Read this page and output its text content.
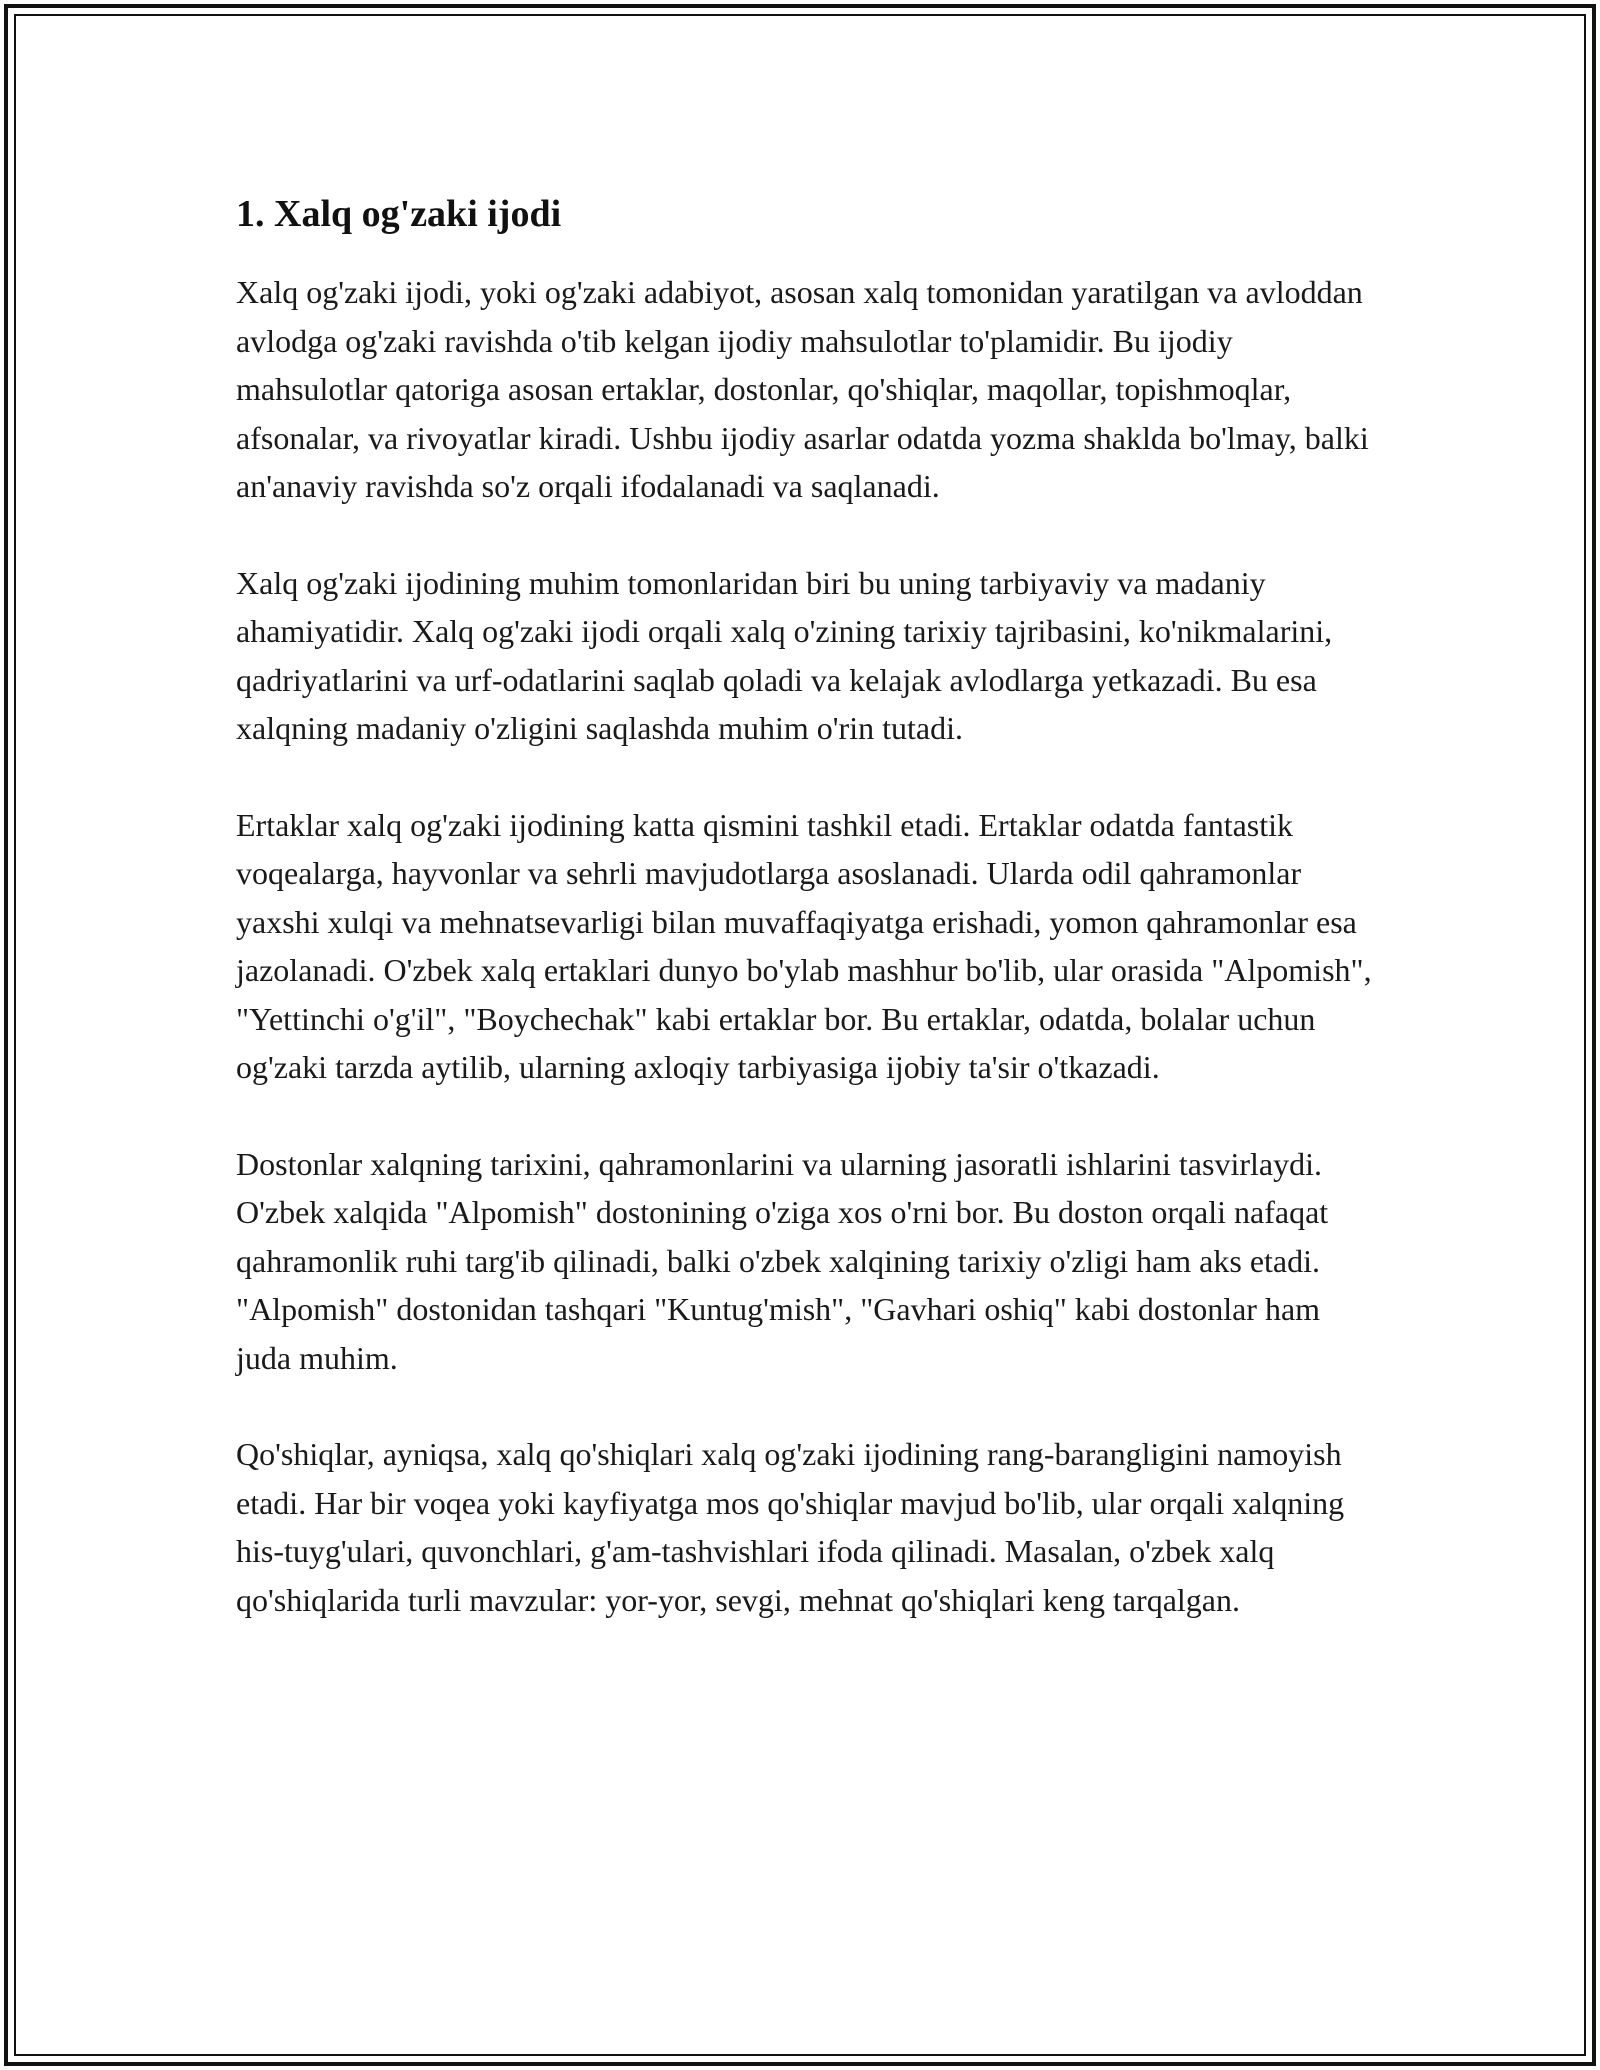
1. Xalq og'zaki ijodi

Xalq og'zaki ijodi, yoki og'zaki adabiyot, asosan xalq tomonidan yaratilgan va avloddan avlodga og'zaki ravishda o'tib kelgan ijodiy mahsulotlar to'plamidir. Bu ijodiy mahsulotlar qatoriga asosan ertaklar, dostonlar, qo'shiqlar, maqollar, topishmoqlar, afsonalar, va rivoyatlar kiradi. Ushbu ijodiy asarlar odatda yozma shaklda bo'lmay, balki an'anaviy ravishda so'z orqali ifodalanadi va saqlanadi.

Xalq og'zaki ijodining muhim tomonlaridan biri bu uning tarbiyaviy va madaniy ahamiyatidir. Xalq og'zaki ijodi orqali xalq o'zining tarixiy tajribasini, ko'nikmalarini, qadriyatlarini va urf-odatlarini saqlab qoladi va kelajak avlodlarga yetkazadi. Bu esa xalqning madaniy o'zligini saqlashda muhim o'rin tutadi.

Ertaklar xalq og'zaki ijodining katta qismini tashkil etadi. Ertaklar odatda fantastik voqealarga, hayvonlar va sehrli mavjudotlarga asoslanadi. Ularda odil qahramonlar yaxshi xulqi va mehnatsevarligi bilan muvaffaqiyatga erishadi, yomon qahramonlar esa jazolanadi. O'zbek xalq ertaklari dunyo bo'ylab mashhur bo'lib, ular orasida "Alpomish", "Yettinchi o'g'il", "Boychechak" kabi ertaklar bor. Bu ertaklar, odatda, bolalar uchun og'zaki tarzda aytilib, ularning axloqiy tarbiyasiga ijobiy ta'sir o'tkazadi.

Dostonlar xalqning tarixini, qahramonlarini va ularning jasoratli ishlarini tasvirlaydi. O'zbek xalqida "Alpomish" dostonining o'ziga xos o'rni bor. Bu doston orqali nafaqat qahramonlik ruhi targ'ib qilinadi, balki o'zbek xalqining tarixiy o'zligi ham aks etadi. "Alpomish" dostonidan tashqari "Kuntug'mish", "Gavhari oshiq" kabi dostonlar ham juda muhim.

Qo'shiqlar, ayniqsa, xalq qo'shiqlari xalq og'zaki ijodining rang-barangligini namoyish etadi. Har bir voqea yoki kayfiyatga mos qo'shiqlar mavjud bo'lib, ular orqali xalqning his-tuyg'ulari, quvonchlari, g'am-tashvishlari ifoda qilinadi. Masalan, o'zbek xalq qo'shiqlarida turli mavzular: yor-yor, sevgi, mehnat qo'shiqlari keng tarqalgan.
